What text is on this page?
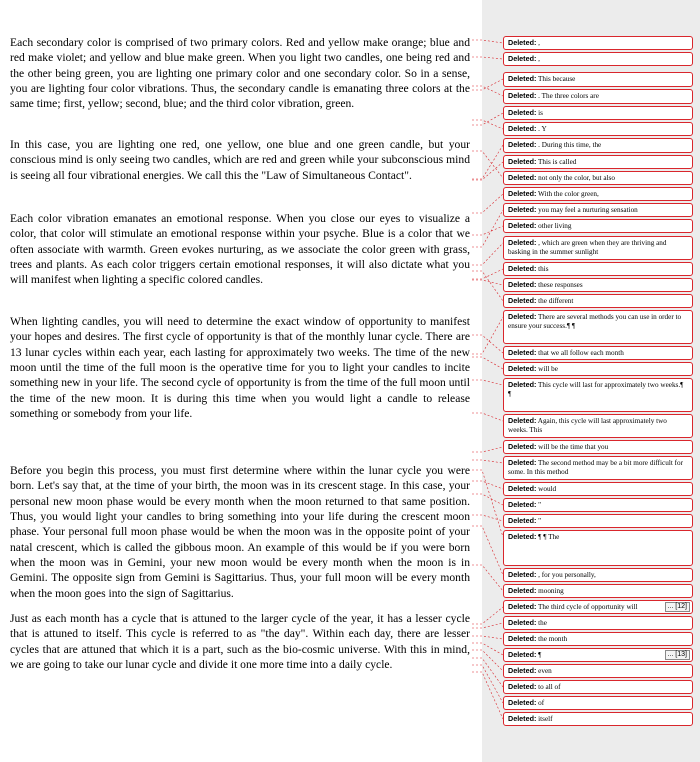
Each secondary color is comprised of two primary colors. Red and yellow make orange; blue and red make violet; and yellow and blue make green. When you light two candles, one being red and the other being green, you are lighting one primary color and one secondary color. So in a sense, you are lighting four color vibrations. Thus, the secondary candle is emanating three colors at the same time; first, yellow; second, blue; and the third color vibration, green.

In this case, you are lighting one red, one yellow, one blue and one green candle, but your conscious mind is only seeing two candles, which are red and green while your subconscious mind is seeing all four vibrational energies. We call this the "Law of Simultaneous Contact".

Each color vibration emanates an emotional response. When you close our eyes to visualize a color, that color will stimulate an emotional response within your psyche. Blue is a color that we often associate with warmth. Green evokes nurturing, as we associate the color green with grass, trees and plants. As each color triggers certain emotional responses, it will also dictate what you will manifest when lighting a specific colored candles.

When lighting candles, you will need to determine the exact window of opportunity to manifest your hopes and desires. The first cycle of opportunity is that of the monthly lunar cycle. There are 13 lunar cycles within each year, each lasting for approximately two weeks. The time of the new moon until the time of the full moon is the operative time for you to light your candles to incite something new in your life. The second cycle of opportunity is from the time of the full moon until the time of the new moon. It is during this time when you would light a candle to release something or somebody from your life.

Before you begin this process, you must first determine where within the lunar cycle you were born. Let's say that, at the time of your birth, the moon was in its crescent stage. In this case, your personal new moon phase would be every month when the moon returned to that same position. Thus, you would light your candles to bring something into your life during the crescent moon phase. Your personal full moon phase would be when the moon was in the opposite point of your natal crescent, which is called the gibbous moon. An example of this would be if you were born when the moon was in Gemini, your new moon would be every month when the moon is in Gemini. The opposite sign from Gemini is Sagittarius. Thus, your full moon will be every month when the moon goes into the sign of Sagittarius.

Just as each month has a cycle that is attuned to the larger cycle of the year, it has a lesser cycle that is attuned to itself. This cycle is referred to as "the day". Within each day, there are lesser cycles that are attuned that which it is a part, such as the bio-cosmic universe. With this in mind, we are going to take our lunar cycle and divide it one more time into a daily cycle.

Deleted: ,
Deleted: ,
Deleted: This because
Deleted: . The three colors are
Deleted: is
Deleted: . Y
Deleted: . During this time, the
Deleted: This is called
Deleted: not only the color, but also
Deleted: With the color green,
Deleted: you may feel a nurturing sensation
Deleted: other living
Deleted: , which are green when they are thriving and basking in the summer sunlight
Deleted: this
Deleted: these responses
Deleted: the different
Deleted: There are several methods you can use in order to ensure your success.¶ ¶
Deleted: that we all follow each month
Deleted: will be
Deleted: This cycle will last for approximately two weeks.¶ ¶
Deleted: Again, this cycle will last approximately two weeks. This
Deleted: will be the time that you
Deleted: The second method may be a bit more difficult for some. In this method
Deleted: would
Deleted: "
Deleted: "
Deleted: ¶ ¶ The
Deleted: , for you personally,
Deleted: mooning
Deleted: The third cycle of opportunity will	... [12]
Deleted: the
Deleted: the month
Deleted: ¶	... [13]
Deleted: even
Deleted: to all of
Deleted: of
Deleted: itself
